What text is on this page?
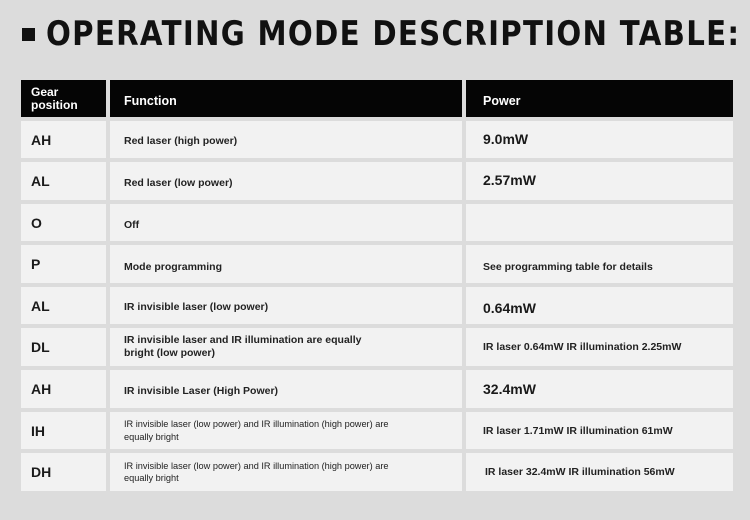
OPERATING MODE DESCRIPTION TABLE:
Gear position	Function	Power
AH	Red laser (high power)	9.0mW
AL	Red laser (low power)	2.57mW
O	Off
P	Mode programming	See programming table for details
AL	IR invisible laser (low power)	0.64mW
DL	IR invisible laser and IR illumination are equally bright (low power)	IR laser 0.64mW IR illumination 2.25mW
AH	IR invisible Laser (High Power)	32.4mW
IH	IR invisible laser (low power) and IR illumination (high power) are equally bright	IR laser 1.71mW IR illumination 61mW
DH	IR invisible laser (low power) and IR illumination (high power) are equally bright	IR laser 32.4mW IR illumination 56mW
